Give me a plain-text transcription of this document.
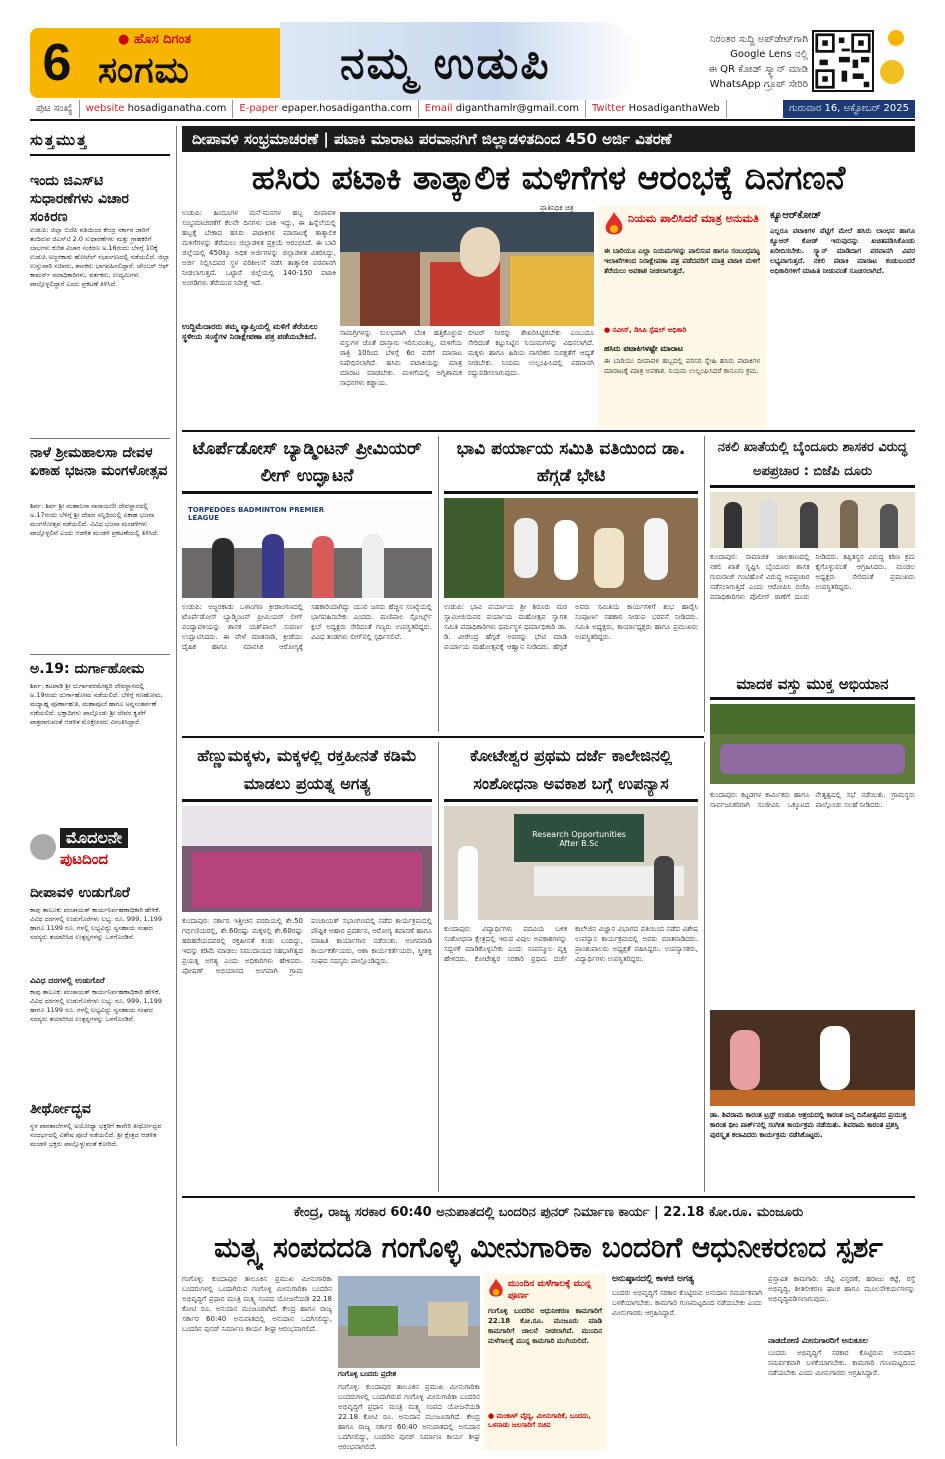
6	● ಹೊಸ ದಿಗಂತ
ಸಂಗಮ	ನಮ್ಮ ಉಡುಪಿ	ನಿರಂತರ ಸುದ್ದಿ ಅಪ್‌ಡೇಟ್‌ಗಾಗಿ
Google Lens ನಲ್ಲಿ
ಈ QR ಕೋಡ್ ಸ್ಕ್ಯಾನ್ ಮಾಡಿ
WhatsApp ಗ್ರೂಪ್ ಸೇರಿರಿ
ಪುಟ ಸಂಖ್ಯೆ	website hosadiganatha.com	E-paper epaper.hosadigantha.com	Email diganthamlr@gmail.com	Twitter HosadiganthaWeb	ಗುರುವಾರ 16, ಅಕ್ಟೋಬರ್ 2025
ಸುತ್ತಮುತ್ತ
ಇಂದು ಜಿಎಸ್‌ಟಿ ಸುಧಾರಣೆಗಳು ವಿಚಾರ ಸಂಕಿರಣ
ಉಡುಪಿ: ಜಿಲ್ಲಾ ಬಿಜೆಪಿ ವತಿಯಿಂದ ಕೇಂದ್ರ ಸರ್ಕಾರ ಜಾರಿಗೆ ತಂದಿರುವ ಜಿಎಸ್‌ಟಿ 2.0 ಸುಧಾರಣೆಗಳು ಮತ್ತು ಗ್ರಾಹಕರಿಗೆ ಲಾಭಗಳು ಕುರಿತ ವಿಚಾರ ಸಂಕಿರಣ ಅ.16ರಂದು ಬೆಳಗ್ಗೆ 10ಕ್ಕೆ ಉಡುಪಿ ಅಜ್ಜರಕಾಡು ಹೋಟೆಲ್ ಸಭಾಂಗಣದಲ್ಲಿ ನಡೆಯಲಿದೆ. ಜಿಲ್ಲಾ ಉಸ್ತುವಾರಿ ಸಚಿವರು, ಶಾಸಕರು ಭಾಗವಹಿಸಲಿದ್ದಾರೆ. ಚೇಂಬರ್ ಆಫ್ ಕಾಮರ್ಸ್ ಪದಾಧಿಕಾರಿಗಳು, ವರ್ತಕರು, ಉದ್ಯಮಿಗಳು ಪಾಲ್ಗೊಳ್ಳಲಿದ್ದಾರೆ ಎಂದು ಪ್ರಕಟಣೆ ತಿಳಿಸಿದೆ.
ನಾಳೆ ಶ್ರೀಮಹಾಲಸಾ ದೇವಳ ಏಕಾಹ ಭಜನಾ ಮಂಗಳೋತ್ಸವ
ಶಿರ್ವ: ಶಿರ್ವ ಶ್ರೀ ಮಹಾಲಸಾ ನಾರಾಯಣೀ ದೇವಸ್ಥಾನದಲ್ಲಿ ಅ.17ರಂದು ಬೆಳಿಗ್ಗೆ ಶ್ರೀ ದೇವರ ಸನ್ನಿಧಿಯಲ್ಲಿ ಏಕಾಹ ಭಜನಾ ಮಂಗಳೋತ್ಸವ ನಡೆಯಲಿದೆ. ವಿವಿಧ ಭಜನಾ ಮಂಡಳಿಗಳು ಪಾಲ್ಗೊಳ್ಳಲಿವೆ ಎಂದು ಆಡಳಿತ ಮಂಡಳಿ ಪ್ರಕಟಣೆಯಲ್ಲಿ ತಿಳಿಸಿದೆ.
ಅ.19: ದುರ್ಗಾಹೋಮ
ಶಿರ್ವ: ಕಟಪಾಡಿ ಶ್ರೀ ದುರ್ಗಾಪರಮೇಶ್ವರಿ ದೇವಸ್ಥಾನದಲ್ಲಿ ಅ.19ರಂದು ದುರ್ಗಾಹೋಮ ನಡೆಯಲಿದೆ. ಬೆಳಿಗ್ಗೆ ಗಣಹೋಮ, ಮಧ್ಯಾಹ್ನ ಪೂರ್ಣಾಹುತಿ, ಮಹಾಪೂಜೆ ಹಾಗೂ ಅನ್ನಸಂತರ್ಪಣೆ ನಡೆಯಲಿದೆ. ಭಕ್ತಾದಿಗಳು ಪಾಲ್ಗೊಂಡು ಶ್ರೀ ದೇವರ ಕೃಪೆಗೆ ಪಾತ್ರರಾಗುವಂತೆ ಆಡಳಿತ ಮೊಕ್ತೇಸರರು ವಿನಂತಿಸಿದ್ದಾರೆ.
ಮೊದಲನೇ
ಪುಟದಿಂದ
ದೀಪಾವಳಿ ಉಡುಗೊರೆ
ಕಾಪು ತಾಲೂಕು ಪಂಚಾಯತ್ ಕಾರ್ಯನಿರ್ವಹಣಾಧಿಕಾರಿ ಹೇಳಿಕೆ. ವಿವಿಧ ದರಗಳಲ್ಲಿ ಉಡುಗೊರೆಗಳು ಲಭ್ಯ: ರೂ. 999, 1,199 ಹಾಗೂ 1199 ರೂ. ಗಳಲ್ಲಿ ಲಭ್ಯವಿದ್ದು ಸ್ವಸಹಾಯ ಸಂಘದ ಸದಸ್ಯರು ತಯಾರಿಸಿದ ಉತ್ಪನ್ನಗಳನ್ನು ಒಳಗೊಂಡಿವೆ.
ವಿವಿಧ ದರಗಳಲ್ಲಿ ಉಡುಗೊರೆ
ಕಾಪು ತಾಲೂಕು ಪಂಚಾಯತ್ ಕಾರ್ಯನಿರ್ವಹಣಾಧಿಕಾರಿ ಹೇಳಿಕೆ. ವಿವಿಧ ದರಗಳಲ್ಲಿ ಉಡುಗೊರೆಗಳು ಲಭ್ಯ: ರೂ. 999, 1,199 ಹಾಗೂ 1199 ರೂ. ಗಳಲ್ಲಿ ಲಭ್ಯವಿದ್ದು ಸ್ವಸಹಾಯ ಸಂಘದ ಸದಸ್ಯರು ತಯಾರಿಸಿದ ಉತ್ಪನ್ನಗಳನ್ನು ಒಳಗೊಂಡಿವೆ.
ತೀರ್ಥೋದ್ಭವ
ಸ್ಥಳ ಪಾಠಶಾಲೆಗಳಲ್ಲಿ ಅಯೋಧ್ಯಾ ಭಕ್ತರಿಗೆ ಕಾವೇರಿ ತೀರ್ಥೋದ್ಭವ ಸಂದರ್ಭದಲ್ಲಿ ವಿಶೇಷ ಪೂಜೆ ನಡೆಯಲಿದೆ. ಶ್ರೀ ಕ್ಷೇತ್ರದ ಆಡಳಿತ ಮಂಡಳಿ ಭಕ್ತರು ಪಾಲ್ಗೊಳ್ಳುವಂತೆ ಕೋರಿದೆ.
ದೀಪಾವಳಿ ಸಂಭ್ರಮಾಚರಣೆ | ಪಟಾಕಿ ಮಾರಾಟ ಪರವಾನಗಿಗೆ ಜಿಲ್ಲಾಡಳಿತದಿಂದ 450 ಅರ್ಜಿ ವಿತರಣೆ
ಹಸಿರು ಪಟಾಕಿ ತಾತ್ಕಾಲಿಕ ಮಳಿಗೆಗಳ ಆರಂಭಕ್ಕೆ ದಿನಗಣನೆ
ಉಡುಪಿ: ಹಿಂದೂಗಳ ಮನೆ-ಮನಗಳ ಹಬ್ಬ ದೀಪಾವಳಿ ಸಂಭ್ರಮಾಚರಣೆಗೆ ಕೆಲವೇ ದಿನಗಳು ಬಾಕಿ ಇದ್ದು, ಈ ಹಿನ್ನೆಲೆಯಲ್ಲಿ ಹಬ್ಬಕ್ಕೆ ಬೇಕಾದ ಹಸಿರು ಪಟಾಕಿಗಳ ಮಾರಾಟಕ್ಕೆ ತಾತ್ಕಾಲಿಕ ಮಳಿಗೆಗಳನ್ನು ತೆರೆಯಲು ಜಿಲ್ಲಾಡಳಿತ ಪ್ರಕ್ರಿಯೆ ಆರಂಭಿಸಿದೆ. ಈ ಬಾರಿ ಜಿಲ್ಲೆಯಲ್ಲಿ 450ಕ್ಕೂ ಅಧಿಕ ಅರ್ಜಿಗಳನ್ನು ಜಿಲ್ಲಾಡಳಿತ ವಿತರಿಸಿದ್ದು, ಅರ್ಜಿ ಸಲ್ಲಿಸಿದವರ ಸ್ಥಳ ಪರಿಶೀಲನೆ ನಡೆಸಿ ತಾತ್ಕಾಲಿಕ ಪರವಾನಗಿ ನೀಡಲಾಗುತ್ತದೆ. ಒಟ್ಟಾರೆ ಜಿಲ್ಲೆಯಲ್ಲಿ 140-150 ಪಟಾಕಿ ಅಂಗಡಿಗಳು ತೆರೆಯುವ ನಿರೀಕ್ಷೆ ಇದೆ.
ಉದ್ದಿಮೆದಾರರು ತಮ್ಮ ವ್ಯಾಪ್ತಿಯಲ್ಲಿ ಮಳಿಗೆ ತೆರೆಯಲು ಸ್ಥಳೀಯ ಸಂಸ್ಥೆಗಳ ನಿರಾಕ್ಷೇಪಣಾ ಪತ್ರ ಪಡೆಯಬೇಕಿದೆ.
ಪ್ರಾತಿನಿಧಿಕ ಚಿತ್ರ
ಸಾಮಗ್ರಿಗಳನ್ನು ಸುಲಭವಾಗಿ ಬೆಂಕಿ ಹತ್ತಿಕೊಳ್ಳುವ ವಸ್ತುಗಳ ಜೊತೆ ದಾಸ್ತಾನು ಇರಿಸುವಂತಿಲ್ಲ. ಮಳಿಗೆಯ ರಾತ್ರಿ 10ರಿಂದ ಬೆಳಿಗ್ಗೆ 6ರ ವರೆಗೆ ಮಾರಾಟ ನಿಷೇಧಿಸಲಾಗಿದೆ. ಹಸಿರು ಪಟಾಕಿಯನ್ನು ಮಾತ್ರ ಮಾರಾಟ ಮಾಡಬೇಕು. ಮಳಿಗೆಯಲ್ಲಿ ಅಗ್ನಿಶಾಮಕ ಸಾಧನಗಳು ಕಡ್ಡಾಯ.
ಲೀಟರ್ ನೀರನ್ನು ಶೇಖರಿಸಿಟ್ಟಿರಬೇಕು ಎಂಬುದೂ ಸೇರಿದಂತೆ ಕಟ್ಟುನಿಟ್ಟಿನ ನಿಯಮಗಳನ್ನು ವಿಧಿಸಲಾಗಿದೆ. ಮಕ್ಕಳು ಹಾಗೂ ಹಿರಿಯ ನಾಗರಿಕರ ಸುರಕ್ಷತೆಗೆ ಆದ್ಯತೆ ನೀಡಬೇಕು. ನಿಯಮ ಉಲ್ಲಂಘಿಸಿದಲ್ಲಿ ಪರವಾನಗಿ ರದ್ದುಪಡಿಸಲಾಗುವುದು.
ನಿಯಮ ಪಾಲಿಸಿದರೆ ಮಾತ್ರ ಅನುಮತಿ
ಈ ಬಾರಿಯೂ ಎಲ್ಲಾ ನಿಯಮಗಳನ್ನು ಪಾಲಿಸುವ ಹಾಗೂ ಸಂಬಂಧಪಟ್ಟ ಇಲಾಖೆಗಳಿಂದ ನಿರಾಕ್ಷೇಪಣಾ ಪತ್ರ ಪಡೆದವರಿಗೆ ಮಾತ್ರ ಪಟಾಕಿ ಮಳಿಗೆ ತೆರೆಯಲು ಅವಕಾಶ ನೀಡಲಾಗುತ್ತದೆ.
● ನವೀನ್, ಡಿಸಿಪಿ ಸ್ಪೆಷಲ್ ಅಧಿಕಾರಿ
ಹಸಿರು ಪಟಾಕಿಗಳಷ್ಟೇ ಮಾರಾಟ
ಈ ಬಾರಿಯು ದೀಪಾವಳಿ ಹಬ್ಬದಲ್ಲಿ ಪರಿಸರ ಸ್ನೇಹಿ ಹಸಿರು ಪಟಾಕಿಗಳ ಮಾರಾಟಕ್ಕೆ ಮಾತ್ರ ಅವಕಾಶ. ನಿಯಮ ಉಲ್ಲಂಘಿಸಿದರೆ ಕಾನೂನು ಕ್ರಮ.
ಕ್ಯೂಆರ್‌ಕೋಡ್
ಎಲ್ಲರೂ ಪಟಾಕಿಗಳ ಪೆಟ್ಟಿಗೆ ಮೇಲೆ ಹಸಿರು ಲಾಂಛನ ಹಾಗೂ ಕ್ಯೂಆರ್ ಕೋಡ್ ಇರುವುದನ್ನು ಖಚಿತಪಡಿಸಿಕೊಂಡು ಖರೀದಿಸಬೇಕು. ಸ್ಕ್ಯಾನ್ ಮಾಡಿದಾಗ ಪರವಾನಗಿ ವಿವರ ಲಭ್ಯವಾಗುತ್ತದೆ. ನಕಲಿ ಪಟಾಕಿ ಮಾರಾಟ ಕಂಡುಬಂದರೆ ಅಧಿಕಾರಿಗಳಿಗೆ ಮಾಹಿತಿ ನೀಡುವಂತೆ ಸೂಚಿಸಲಾಗಿದೆ.
ಟೊರ್ಪೆಡೋಸ್ ಬ್ಯಾಡ್ಮಿಂಟನ್ ಪ್ರೀಮಿಯರ್ ಲೀಗ್ ಉದ್ಘಾಟನೆ
TORPEDOES BADMINTON PREMIER LEAGUE
ಉಡುಪಿ: ಅಜ್ಜರಕಾಡು ಒಳಾಂಗಣ ಕ್ರೀಡಾಂಗಣದಲ್ಲಿ ಟೊರ್ಪೆಡೋಸ್ ಬ್ಯಾಡ್ಮಿಂಟನ್ ಪ್ರೀಮಿಯರ್ ಲೀಗ್ ಪಂದ್ಯಾವಳಿಯನ್ನು ಶಾಸಕ ಯಶ್‌ಪಾಲ್ ಸುವರ್ಣ ಉದ್ಘಾಟಿಸಿದರು. ಈ ವೇಳೆ ಮಾತನಾಡಿ, ಕ್ರೀಡೆಯು ದೈಹಿಕ ಹಾಗೂ ಮಾನಸಿಕ ಆರೋಗ್ಯಕ್ಕೆ ಸಹಕಾರಿಯಾಗಿದ್ದು ಯುವ ಜನರು ಹೆಚ್ಚಿನ ಸಂಖ್ಯೆಯಲ್ಲಿ ಭಾಗವಹಿಸಬೇಕು ಎಂದರು. ಮಣಿಪಾಲ ಸ್ಪೋರ್ಟ್ಸ್ ಕ್ಲಬ್ ಅಧ್ಯಕ್ಷರು ಸೇರಿದಂತೆ ಗಣ್ಯರು ಉಪಸ್ಥಿತರಿದ್ದರು. ವಿವಿಧ ತಂಡಗಳು ಲೀಗ್‌ನಲ್ಲಿ ಸ್ಪರ್ಧಿಸಲಿವೆ.
ಭಾವಿ ಪರ್ಯಾಯ ಸಮಿತಿ ವತಿಯಿಂದ ಡಾ. ಹೆಗ್ಗಡೆ ಭೇಟಿ
ಉಡುಪಿ: ಭಾವಿ ಪರ್ಯಾಯ ಶ್ರೀ ಶಿರೂರು ಮಠ ಸ್ವಾಮೀಜಿಯವರ ಪರ್ಯಾಯ ಮಹೋತ್ಸವ ಸ್ವಾಗತ ಸಮಿತಿ ಪದಾಧಿಕಾರಿಗಳು ಧರ್ಮಸ್ಥಳ ಧರ್ಮಾಧಿಕಾರಿ ಡಾ. ಡಿ. ವೀರೇಂದ್ರ ಹೆಗ್ಗಡೆ ಅವರನ್ನು ಭೇಟಿ ಮಾಡಿ ಪರ್ಯಾಯ ಮಹೋತ್ಸವಕ್ಕೆ ಆಹ್ವಾನ ನೀಡಿದರು. ಹೆಗ್ಗಡೆ ಅವರು ಸಮಿತಿಯ ಕಾರ್ಯಗಳಿಗೆ ಶುಭ ಹಾರೈಸಿ ಸಂಪೂರ್ಣ ಸಹಕಾರ ನೀಡುವ ಭರವಸೆ ನೀಡಿದರು. ಸಮಿತಿ ಅಧ್ಯಕ್ಷರು, ಕಾರ್ಯಾಧ್ಯಕ್ಷರು ಹಾಗೂ ಪ್ರಮುಖರು ಉಪಸ್ಥಿತರಿದ್ದರು.
ನಕಲಿ ಖಾತೆಯಲ್ಲಿ ಬೈಂದೂರು ಶಾಸಕರ ವಿರುದ್ಧ ಅಪಪ್ರಚಾರ : ಬಿಜೆಪಿ ದೂರು
ಕುಂದಾಪುರ: ಸಾಮಾಜಿಕ ಜಾಲತಾಣದಲ್ಲಿ ನಕಲಿ ಖಾತೆ ಸೃಷ್ಟಿಸಿ ಬೈಂದೂರು ಶಾಸಕ ಗುರುರಾಜ್ ಗಂಟಿಹೊಳೆ ವಿರುದ್ಧ ಅಪಪ್ರಚಾರ ನಡೆಸಲಾಗುತ್ತಿದೆ ಎಂದು ಆರೋಪಿಸಿ ಬಿಜೆಪಿ ಪದಾಧಿಕಾರಿಗಳು ಪೊಲೀಸ್ ಠಾಣೆಗೆ ದೂರು ನೀಡಿದರು. ತಪ್ಪಿತಸ್ಥರ ವಿರುದ್ಧ ಕಠಿಣ ಕ್ರಮ ಕೈಗೊಳ್ಳುವಂತೆ ಆಗ್ರಹಿಸಿದರು. ಮಂಡಲ ಅಧ್ಯಕ್ಷರು ಸೇರಿದಂತೆ ಪ್ರಮುಖರು ಉಪಸ್ಥಿತರಿದ್ದರು.
ಮಾದಕ ವಸ್ತು ಮುಕ್ತ ಅಭಿಯಾನ
ಹೆಣ್ಣುಮಕ್ಕಳು, ಮಕ್ಕಳಲ್ಲಿ ರಕ್ತಹೀನತೆ ಕಡಿಮೆ ಮಾಡಲು ಪ್ರಯತ್ನ ಅಗತ್ಯ
ಕುಂದಾಪುರ: ಸರ್ಕಾರ ಇತ್ತೀಚಿನ ವರದಿಯಲ್ಲಿ ಶೇ.50 ಗರ್ಭಿಣಿಯರಲ್ಲಿ, ಶೇ.60ರಷ್ಟು ಮಕ್ಕಳಲ್ಲಿ ಶೇ.60ರಷ್ಟು ಹದಿಹರೆಯದವರಲ್ಲಿ ರಕ್ತಹೀನತೆ ಕಂಡು ಬಂದಿದ್ದು, ಇದನ್ನು ಕಡಿಮೆ ಮಾಡಲು ಸಮುದಾಯದ ಸಹಭಾಗಿತ್ವದ ಪ್ರಯತ್ನ ಅಗತ್ಯ ಎಂದು ಅಧಿಕಾರಿಗಳು ಹೇಳಿದರು. ಪೋಷಣ್ ಅಭಿಯಾನದ ಅಂಗವಾಗಿ ಗ್ರಾಮ ಪಂಚಾಯತ್ ಸಭಾಂಗಣದಲ್ಲಿ ನಡೆದ ಕಾರ್ಯಕ್ರಮದಲ್ಲಿ ಪೌಷ್ಟಿಕ ಆಹಾರ ಪ್ರದರ್ಶನ, ಆರೋಗ್ಯ ತಪಾಸಣೆ ಹಾಗೂ ಮಾಹಿತಿ ಕಾರ್ಯಾಗಾರ ನಡೆಯಿತು. ಅಂಗನವಾಡಿ ಕಾರ್ಯಕರ್ತೆಯರು, ಆಶಾ ಕಾರ್ಯಕರ್ತೆಯರು, ಸ್ತ್ರೀಶಕ್ತಿ ಸಂಘದ ಸದಸ್ಯರು ಪಾಲ್ಗೊಂಡಿದ್ದರು.
ಕೋಟೇಶ್ವರ ಪ್ರಥಮ ದರ್ಜೆ ಕಾಲೇಜಿನಲ್ಲಿ ಸಂಶೋಧನಾ ಅವಕಾಶ ಬಗ್ಗೆ ಉಪನ್ಯಾಸ
Research Opportunities After B.Sc
ಕುಂದಾಪುರ: ವಿದ್ಯಾರ್ಥಿಗಳು ಪದವಿಯ ಬಳಿಕ ಸಂಶೋಧನಾ ಕ್ಷೇತ್ರದಲ್ಲಿ ಇರುವ ವಿಪುಲ ಅವಕಾಶಗಳನ್ನು ಸದ್ಬಳಕೆ ಮಾಡಿಕೊಳ್ಳಬೇಕು ಎಂದು ಸಂಪನ್ಮೂಲ ವ್ಯಕ್ತಿ ಹೇಳಿದರು. ಕೋಟೇಶ್ವರ ಸರಕಾರಿ ಪ್ರಥಮ ದರ್ಜೆ ಕಾಲೇಜಿನ ವಿಜ್ಞಾನ ವಿಭಾಗದ ವತಿಯಿಂದ ನಡೆದ ವಿಶೇಷ ಉಪನ್ಯಾಸ ಕಾರ್ಯಕ್ರಮದಲ್ಲಿ ಅವರು ಮಾತನಾಡಿದರು. ಪ್ರಾಂಶುಪಾಲರು ಅಧ್ಯಕ್ಷತೆ ವಹಿಸಿದ್ದರು. ಉಪನ್ಯಾಸಕರು, ವಿದ್ಯಾರ್ಥಿಗಳು ಉಪಸ್ಥಿತರಿದ್ದರು.
ಕುಂದಾಪುರ: ಕಟ್ಟಡಗಳ ಕಾರ್ಮಿಕರು ಹಾಗೂ ಸಾರ್ವಜನಿಕರಿಗಾಗಿ ಸಂಜೀವಿನಿ ಒಕ್ಕೂಟದ ನೇತೃತ್ವದಲ್ಲಿ ಸಭೆ ನಡೆಯಿತು. ಗ್ರಾಮಸ್ಥರು ಪಾಲ್ಗೊಂಡು ಸಲಹೆ ನೀಡಿದರು.
ಡಾ. ಶಿವರಾಮ ಕಾರಂತ ಟ್ರಸ್ಟ್ ಉಡುಪಿ ಆಶ್ರಯದಲ್ಲಿ ಕಾರಂತ ಜನ್ಮ ದಿನೋತ್ಸವದ ಪ್ರಯುಕ್ತ ಕಾರಂತ ಥೀಂ ಪಾರ್ಕ್‌ನಲ್ಲಿ ಸಂಗೀತ ಕಾರ್ಯಕ್ರಮ ನಡೆಯಿತು. ಶಿವರಾಮ ಕಾರಂತ ಪ್ರಶಸ್ತಿ ಪುರಸ್ಕೃತ ಕಲಾವಿದರು ಕಾರ್ಯಕ್ರಮ ನಡೆಸಿಕೊಟ್ಟರು.
ಕೇಂದ್ರ, ರಾಜ್ಯ ಸರಕಾರ 60:40 ಅನುಪಾತದಲ್ಲಿ ಬಂದರಿನ ಪುನರ್ ನಿರ್ಮಾಣ ಕಾರ್ಯ | 22.18 ಕೋ.ರೂ. ಮಂಜೂರು
ಮತ್ಸ್ಯ ಸಂಪದದಡಿ ಗಂಗೊಳ್ಳಿ ಮೀನುಗಾರಿಕಾ ಬಂದರಿಗೆ ಆಧುನೀಕರಣದ ಸ್ಪರ್ಶ
ಗಂಗೊಳ್ಳಿ: ಕುಂದಾಪುರ ತಾಲೂಕಿನ ಪ್ರಮುಖ ಮೀನುಗಾರಿಕಾ ಬಂದರುಗಳಲ್ಲಿ ಒಂದಾಗಿರುವ ಗಂಗೊಳ್ಳಿ ಮೀನುಗಾರಿಕಾ ಬಂದರಿನ ಅಭಿವೃದ್ಧಿಗೆ ಪ್ರಧಾನ ಮಂತ್ರಿ ಮತ್ಸ್ಯ ಸಂಪದ ಯೋಜನೆಯಡಿ 22.18 ಕೋಟಿ ರೂ. ಅನುದಾನ ಮಂಜೂರಾಗಿದೆ. ಕೇಂದ್ರ ಹಾಗೂ ರಾಜ್ಯ ಸರ್ಕಾರ 60:40 ಅನುಪಾತದಲ್ಲಿ ಅನುದಾನ ಒದಗಿಸಲಿದ್ದು, ಬಂದರಿನ ಪುನರ್ ನಿರ್ಮಾಣ ಕಾರ್ಯ ಶೀಘ್ರ ಆರಂಭವಾಗಲಿದೆ.
ಗಂಗೊಳ್ಳಿ ಬಂದರು ಪ್ರದೇಶ
ಗಂಗೊಳ್ಳಿ: ಕುಂದಾಪುರ ತಾಲೂಕಿನ ಪ್ರಮುಖ ಮೀನುಗಾರಿಕಾ ಬಂದರುಗಳಲ್ಲಿ ಒಂದಾಗಿರುವ ಗಂಗೊಳ್ಳಿ ಮೀನುಗಾರಿಕಾ ಬಂದರಿನ ಅಭಿವೃದ್ಧಿಗೆ ಪ್ರಧಾನ ಮಂತ್ರಿ ಮತ್ಸ್ಯ ಸಂಪದ ಯೋಜನೆಯಡಿ 22.18 ಕೋಟಿ ರೂ. ಅನುದಾನ ಮಂಜೂರಾಗಿದೆ. ಕೇಂದ್ರ ಹಾಗೂ ರಾಜ್ಯ ಸರ್ಕಾರ 60:40 ಅನುಪಾತದಲ್ಲಿ ಅನುದಾನ ಒದಗಿಸಲಿದ್ದು, ಬಂದರಿನ ಪುನರ್ ನಿರ್ಮಾಣ ಕಾರ್ಯ ಶೀಘ್ರ ಆರಂಭವಾಗಲಿದೆ.
ಮುಂದಿನ ಮಳೆಗಾಲಕ್ಕೆ ಮುನ್ನ ಪೂರ್ಣ
ಗಂಗೊಳ್ಳಿ ಬಂದರಿನ ಆಧುನೀಕರಣ ಕಾಮಗಾರಿಗೆ 22.18 ಕೋ.ರೂ. ಮಂಜೂರು ಮಾಡಿ ಕಾಮಗಾರಿಗೆ ಚಾಲನೆ ನೀಡಲಾಗಿದೆ. ಮುಂದಿನ ಮಳೆಗಾಲಕ್ಕೆ ಮುನ್ನ ಕಾಮಗಾರಿ ಮುಗಿಯಲಿದೆ.
● ಮಂಕಾಳ್ ವೈದ್ಯ, ಮೀನುಗಾರಿಕೆ, ಬಂದರು, ಒಳನಾಡು ಜಲಸಾರಿಗೆ ಸಚಿವ
ಅನುಷ್ಠಾನದಲ್ಲಿ ಕಾಳಜಿ ಅಗತ್ಯ
ಬಂದರು ಅಭಿವೃದ್ಧಿಗೆ ಸರಕಾರ ಕೊಟ್ಟಿರುವ ಅನುದಾನ ಸಮರ್ಪಕವಾಗಿ ಬಳಕೆಯಾಗಬೇಕು. ಕಾಮಗಾರಿ ಗುಣಮಟ್ಟದಿಂದ ನಡೆಯಬೇಕು ಎಂದು ಮೀನುಗಾರರು ಆಗ್ರಹಿಸಿದ್ದಾರೆ.
ಪ್ರಸ್ತಾವಿತ ಕಾಮಗಾರಿ: ಜೆಟ್ಟಿ ವಿಸ್ತರಣೆ, ಹರಾಜು ಕಟ್ಟೆ, ರಸ್ತೆ ಅಭಿವೃದ್ಧಿ, ಶೀತಲೀಕರಣ ಘಟಕ ಹಾಗೂ ಮೂಲಸೌಕರ್ಯಗಳನ್ನು ಅಭಿವೃದ್ಧಿಪಡಿಸಲಾಗುವುದು.
ನಾಡದೋಣಿ ಮೀನುಗಾರರಿಗೆ ಅನುಕೂಲ
ಬಂದರು ಅಭಿವೃದ್ಧಿಗೆ ಸರಕಾರ ಕೊಟ್ಟಿರುವ ಅನುದಾನ ಸಮರ್ಪಕವಾಗಿ ಬಳಕೆಯಾಗಬೇಕು. ಕಾಮಗಾರಿ ಗುಣಮಟ್ಟದಿಂದ ನಡೆಯಬೇಕು ಎಂದು ಮೀನುಗಾರರು ಆಗ್ರಹಿಸಿದ್ದಾರೆ.
